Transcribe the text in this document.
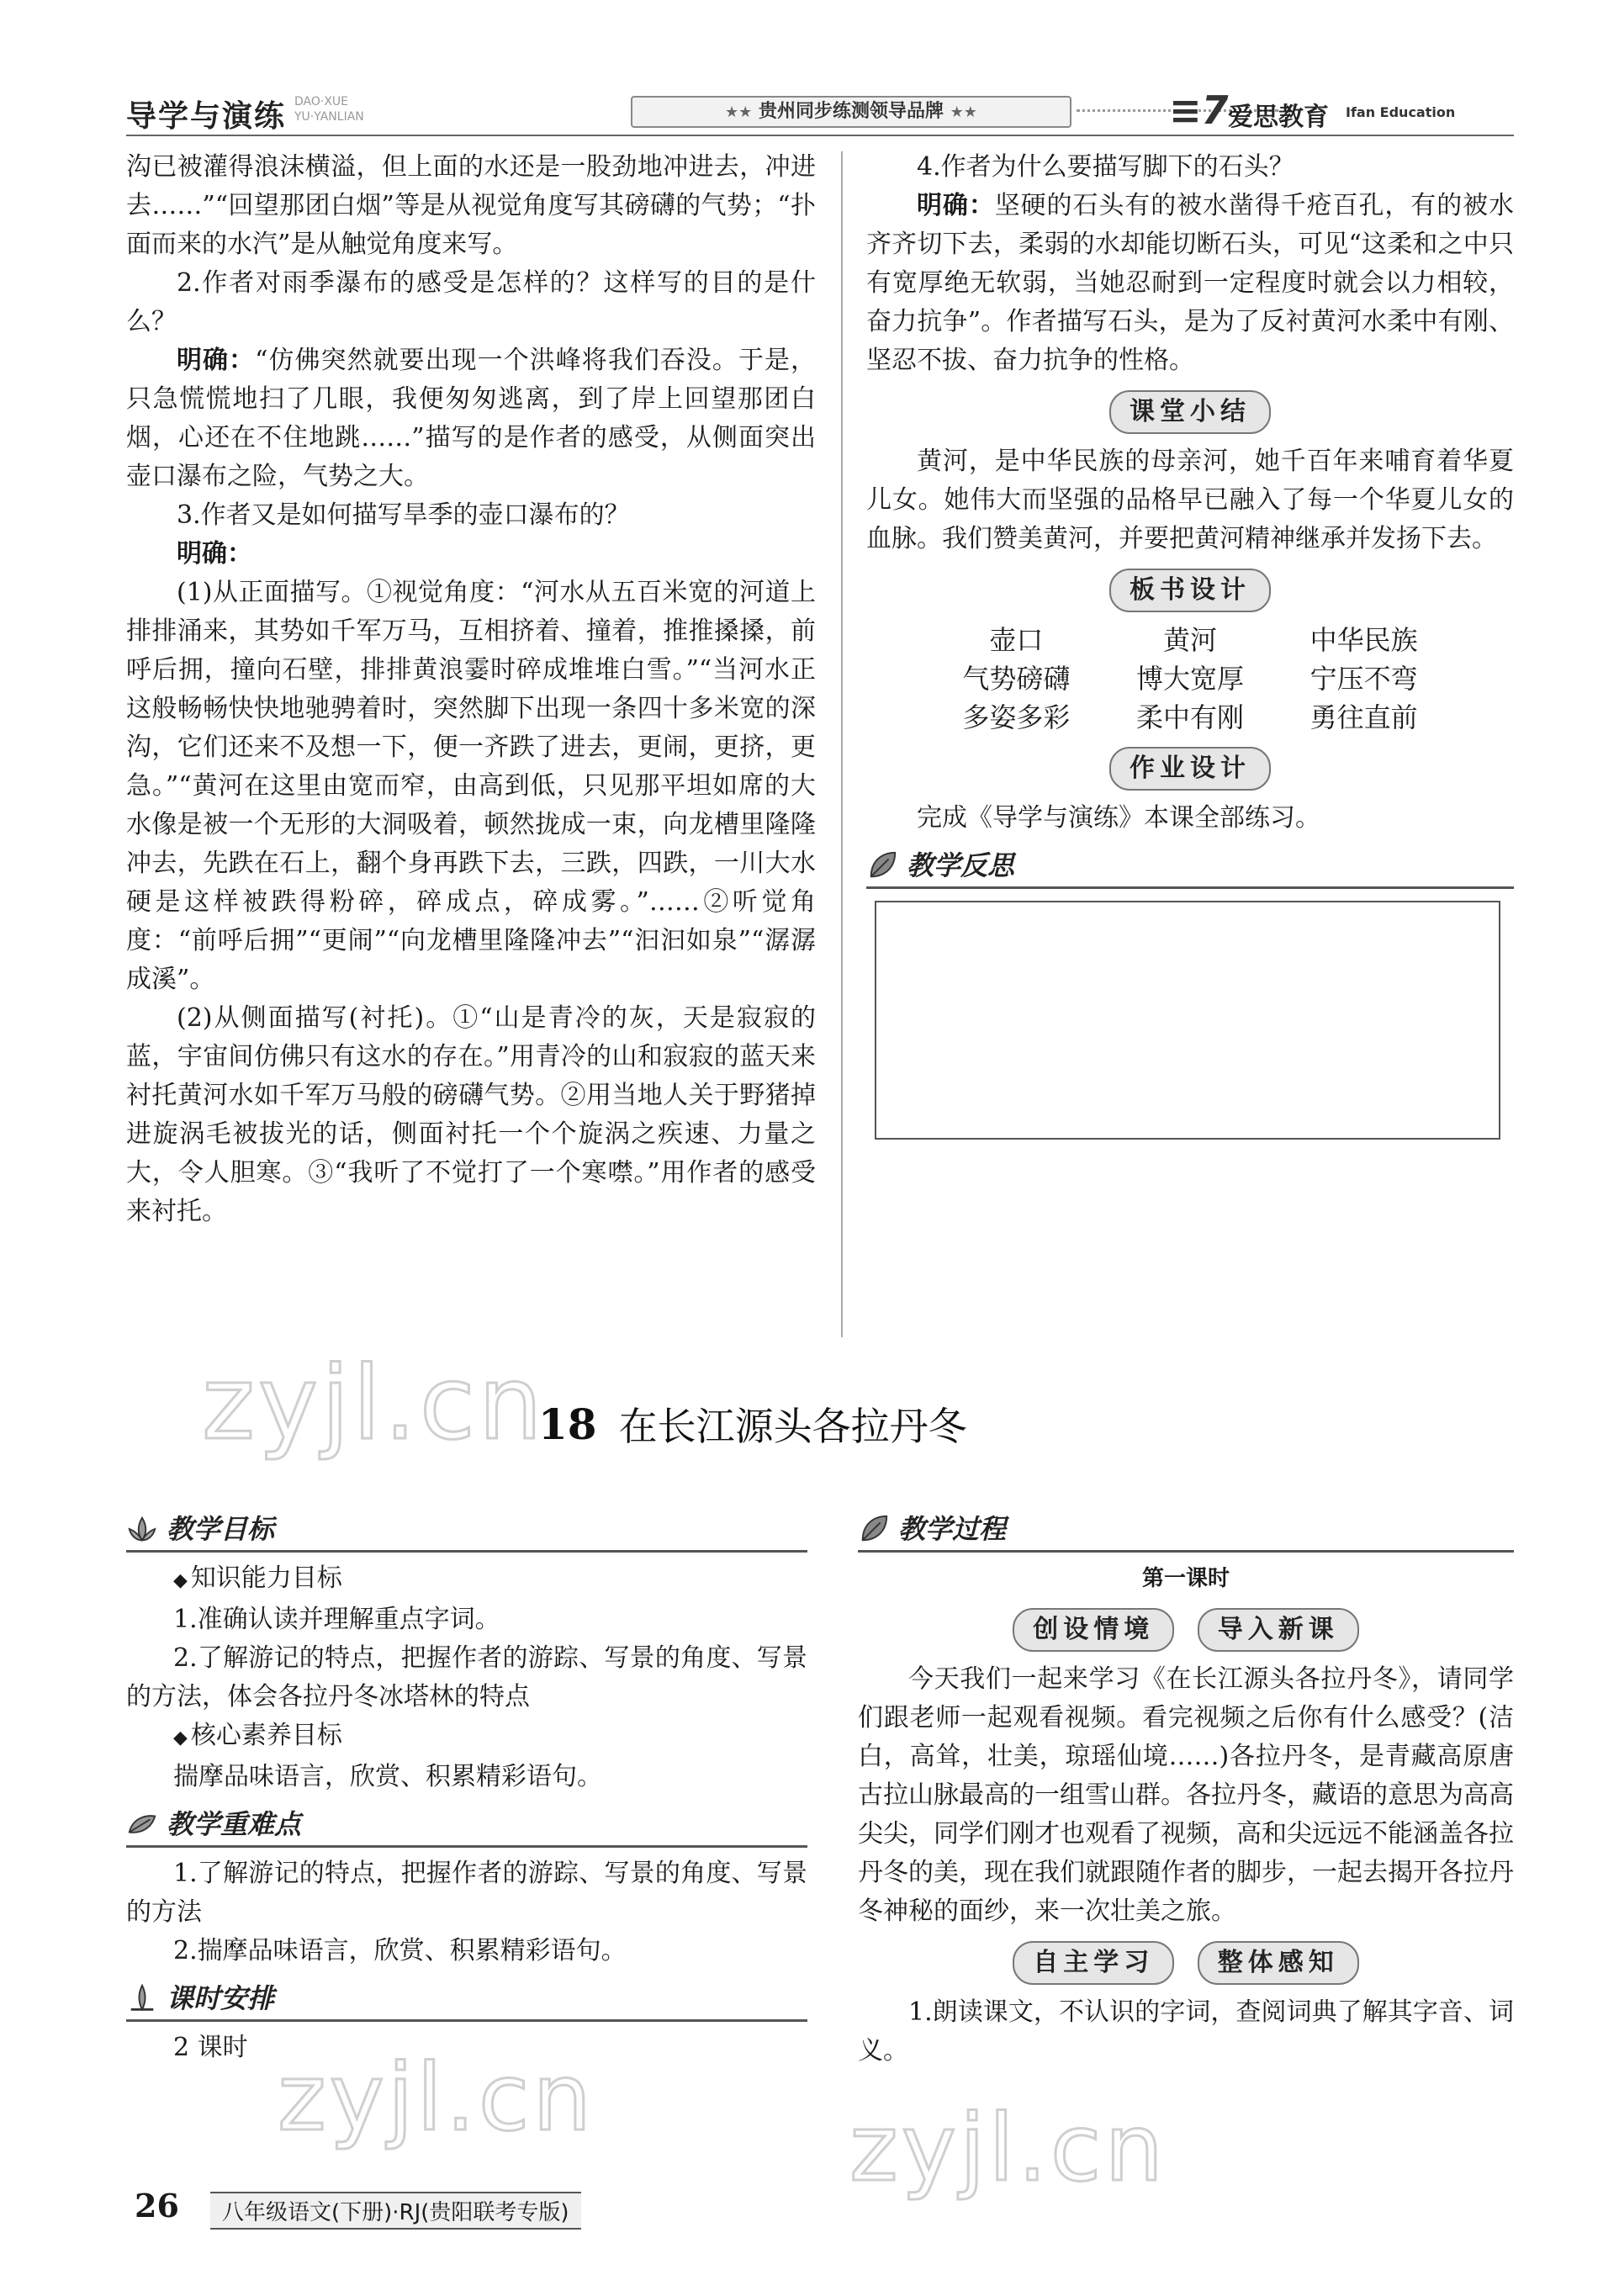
导学与演练 DAO·XUE
YU·YANLIAN	★★ 贵州同步练测领导品牌 ★★	≡7 爱思教育 Ifan Education

沟已被灌得浪沫横溢，但上面的水还是一股劲地冲进去，冲进去……”“回望那团白烟”等是从视觉角度写其磅礴的气势；“扑面而来的水汽”是从触觉角度来写。

2.作者对雨季瀑布的感受是怎样的？这样写的目的是什么？

明确：“仿佛突然就要出现一个洪峰将我们吞没。于是，只急慌慌地扫了几眼，我便匆匆逃离，到了岸上回望那团白烟，心还在不住地跳……”描写的是作者的感受，从侧面突出壶口瀑布之险，气势之大。

3.作者又是如何描写旱季的壶口瀑布的？

明确：

(1)从正面描写。①视觉角度：“河水从五百米宽的河道上排排涌来，其势如千军万马，互相挤着、撞着，推推搡搡，前呼后拥，撞向石壁，排排黄浪霎时碎成堆堆白雪。”“当河水正这般畅畅快快地驰骋着时，突然脚下出现一条四十多米宽的深沟，它们还来不及想一下，便一齐跌了进去，更闹，更挤，更急。”“黄河在这里由宽而窄，由高到低，只见那平坦如席的大水像是被一个无形的大洞吸着，顿然拢成一束，向龙槽里隆隆冲去，先跌在石上，翻个身再跌下去，三跌，四跌，一川大水硬是这样被跌得粉碎，碎成点，碎成雾。”……②听觉角度：“前呼后拥”“更闹”“向龙槽里隆隆冲去”“汩汩如泉”“潺潺成溪”。

(2)从侧面描写(衬托)。①“山是青冷的灰，天是寂寂的蓝，宇宙间仿佛只有这水的存在。”用青冷的山和寂寂的蓝天来衬托黄河水如千军万马般的磅礴气势。②用当地人关于野猪掉进旋涡毛被拔光的话，侧面衬托一个个旋涡之疾速、力量之大，令人胆寒。③“我听了不觉打了一个寒噤。”用作者的感受来衬托。

4.作者为什么要描写脚下的石头？

明确：坚硬的石头有的被水凿得千疮百孔，有的被水齐齐切下去，柔弱的水却能切断石头，可见“这柔和之中只有宽厚绝无软弱，当她忍耐到一定程度时就会以力相较，奋力抗争”。作者描写石头，是为了反衬黄河水柔中有刚、坚忍不拔、奋力抗争的性格。

课堂小结

黄河，是中华民族的母亲河，她千百年来哺育着华夏儿女。她伟大而坚强的品格早已融入了每一个华夏儿女的血脉。我们赞美黄河，并要把黄河精神继承并发扬下去。

板书设计
壶口	黄河	中华民族
气势磅礴	博大宽厚	宁压不弯
多姿多彩	柔中有刚	勇往直前
作业设计

完成《导学与演练》本课全部练习。

教学反思
zyjl.cn
18 在长江源头各拉丹冬
教学目标

◆ 知识能力目标

1.准确认读并理解重点字词。

2.了解游记的特点，把握作者的游踪、写景的角度、写景的方法，体会各拉丹冬冰塔林的特点

◆ 核心素养目标

揣摩品味语言，欣赏、积累精彩语句。

教学重难点

1.了解游记的特点，把握作者的游踪、写景的角度、写景的方法

2.揣摩品味语言，欣赏、积累精彩语句。

课时安排

2 课时

教学过程
第一课时
创设情境	导入新课

今天我们一起来学习《在长江源头各拉丹冬》，请同学们跟老师一起观看视频。看完视频之后你有什么感受？(洁白，高耸，壮美，琼瑶仙境……)各拉丹冬，是青藏高原唐古拉山脉最高的一组雪山群。各拉丹冬，藏语的意思为高高尖尖，同学们刚才也观看了视频，高和尖远远不能涵盖各拉丹冬的美，现在我们就跟随作者的脚步，一起去揭开各拉丹冬神秘的面纱，来一次壮美之旅。

自主学习	整体感知

1.朗读课文，不认识的字词，查阅词典了解其字音、词义。

zyjl.cn	zyjl.cn
26	八年级语文(下册)·RJ(贵阳联考专版)
